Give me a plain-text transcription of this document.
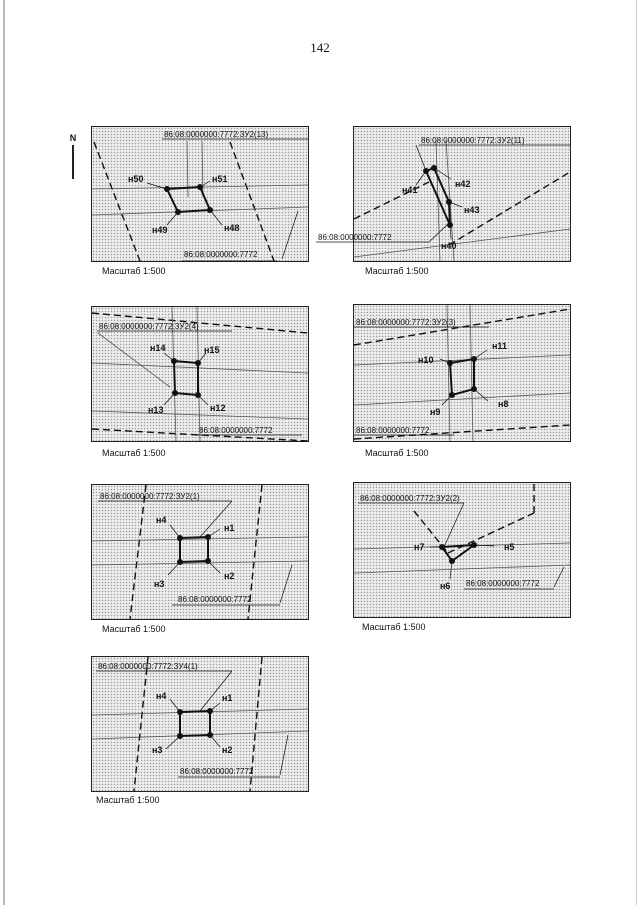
142
N	86:08:0000000:7772:ЗУ2(13)
86:08:0000000:7772
н50	н51
н48
н49
Масштаб 1:500
86:08:0000000:7772:ЗУ2(11)
86:08:0000000:7772
н41
н42
н43
н40
Масштаб 1:500
86:08:0000000:7772:ЗУ2(4)
86:08:0000000:7772
н14	н15
н12
н13
Масштаб 1:500
86:08:0000000:7772:ЗУ2(3)
86:08:0000000:7772
н10
н11
н8
н9
Масштаб 1:500
86:08:0000000:7772:ЗУ2(1)
86:08:0000000:7772
н4
н1
н2
н3
Масштаб 1:500
86:08:0000000:7772:ЗУ2(2)
86:08:0000000:7772
н7	н5
н6
Масштаб 1:500
86:08:0000000:7772:ЗУ4(1)
86:08:0000000:7772
н4	н1
н2
н3
Масштаб 1:500
